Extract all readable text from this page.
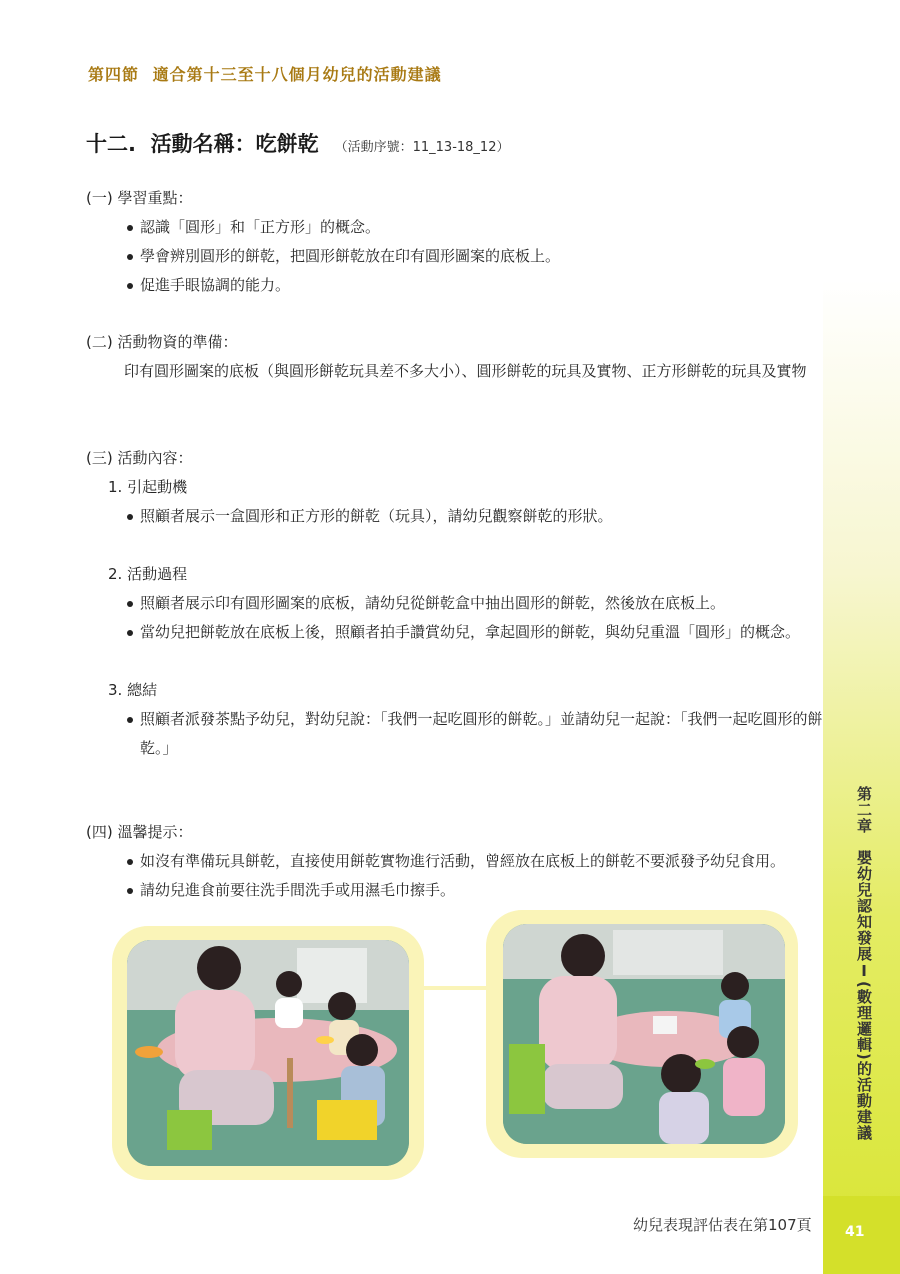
第四節 適合第十三至十八個月幼兒的活動建議
十二.  活動名稱：吃餅乾 （活動序號：11_13-18_12）

(一) 學習重點：

認識「圓形」和「正方形」的概念。
學會辨別圓形的餅乾，把圓形餅乾放在印有圓形圖案的底板上。
促進手眼協調的能力。

(二) 活動物資的準備：

印有圓形圖案的底板（與圓形餅乾玩具差不多大小）、圓形餅乾的玩具及實物、正方形餅乾的玩具及實物

(三) 活動內容：

1. 引起動機

照顧者展示一盒圓形和正方形的餅乾（玩具），請幼兒觀察餅乾的形狀。

2. 活動過程

照顧者展示印有圓形圖案的底板，請幼兒從餅乾盒中抽出圓形的餅乾，然後放在底板上。
當幼兒把餅乾放在底板上後，照顧者拍手讚賞幼兒，拿起圓形的餅乾，與幼兒重溫「圓形」的概念。

3. 總結

照顧者派發茶點予幼兒，對幼兒說：「我們一起吃圓形的餅乾。」並請幼兒一起說：「我們一起吃圓形的餅乾。」

(四) 溫馨提示：

如沒有準備玩具餅乾，直接使用餅乾實物進行活動，曾經放在底板上的餅乾不要派發予幼兒食用。
請幼兒進食前要往洗手間洗手或用濕毛巾擦手。	第二章　嬰幼兒認知發展Ⅰ(數理邏輯)的活動建議
41
幼兒表現評估表在第107頁
